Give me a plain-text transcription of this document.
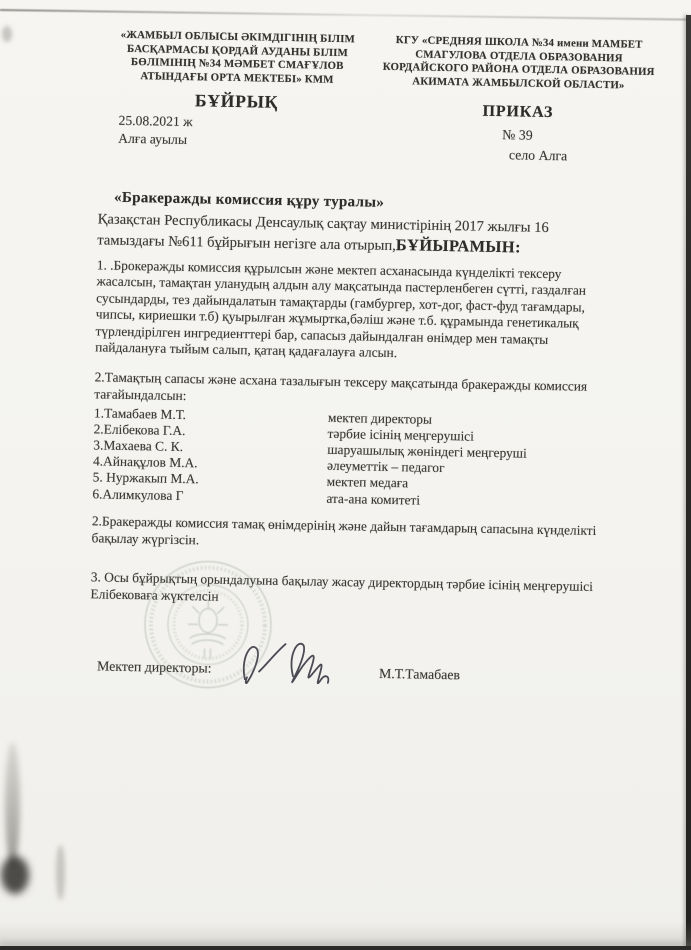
«ЖАМБЫЛ ОБЛЫСЫ ӘКІМДІГІНІҢ БІЛІМ
БАСҚАРМАСЫ ҚОРДАЙ АУДАНЫ БІЛІМ
БӨЛІМІНІҢ №34 МӘМБЕТ СМАҒҰЛОВ
АТЫНДАҒЫ ОРТА МЕКТЕБІ» КММ
БҰЙРЫҚ
25.08.2021 ж
Алға ауылы
КГУ «СРЕДНЯЯ ШКОЛА №34 имени МАМБЕТ
СМАГУЛОВА ОТДЕЛА ОБРАЗОВАНИЯ
КОРДАЙСКОГО РАЙОНА ОТДЕЛА ОБРАЗОВАНИЯ
АКИМАТА ЖАМБЫЛСКОЙ ОБЛАСТИ»
ПРИКАЗ
№ 39
село Алга
«Бракеражды комиссия құру туралы»
Қазақстан Республикасы Денсаулық сақтау министірінің 2017 жылғы 16
тамыздағы №611 бұйрығын негізге ала отырып,БҰЙЫРАМЫН:
1. .Брокеражды комиссия құрылсын және мектеп асханасында күнделікті тексеру
жасалсын, тамақтан уланудың алдын алу мақсатында пастерленбеген сүтті, газдалған
сусындарды, тез дайындалатын тамақтарды (гамбургер, хот-дог, фаст-фуд тағамдары,
чипсы, кириешки т.б) қуырылған жұмыртка,бәліш және т.б. құрамында генетикалық
түрлендірілген ингредиенттері бар, сапасыз дайындалған өнімдер мен тамақты
пайдалануға тыйым салып, қатаң қадағалауға алсын.
2.Тамақтың сапасы және асхана тазалығын тексеру мақсатында бракеражды комиссия
тағайындалсын:
1.Тамабаев М.Т.	мектеп директоры
2.Елібекова Г.А.	тәрбие ісінің меңгерушісі
3.Махаева С. К.	шаруашылық жөніндегі меңгеруші
4.Айнақұлов М.А.	әлеуметтік – педагог
5. Нуржакып М.А.	мектеп медаға
6.Алимкулова Г	ата-ана комитеті
2.Бракеражды комиссия тамақ өнімдерінің және дайын тағамдарың сапасына күнделікті
бақылау жүргізсін.
3. Осы бұйрықтың орындалуына бақылау жасау директордың тәрбие ісінің меңгерушісі
Елібековаға жүктелсін
Мектеп директоры:	М.Т.Тамабаев
